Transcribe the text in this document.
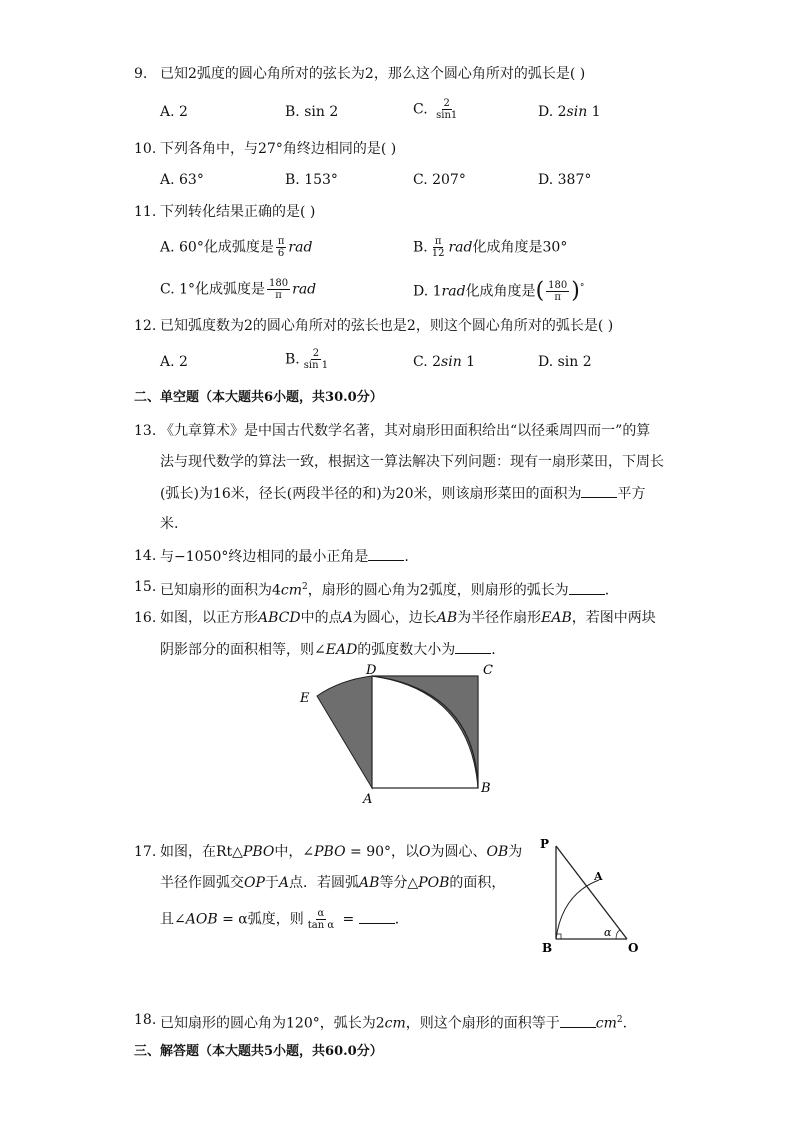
9. 已知2弧度的圆心角所对的弦长为2，那么这个圆心角所对的弧长是( )
A. 2	B. sin 2	C. $\frac{2}{\sin 1}$	D. 2sin 1
10. 下列各角中，与27°角终边相同的是( )
A. 63°	B. 153°	C. 207°	D. 387°
11. 下列转化结果正确的是( )
A. 60°化成弧度是 $\frac{\pi}{6}$ rad	B. $\frac{\pi}{12}$ rad化成角度是30°
C. 1°化成弧度是 $\frac{180}{\pi}$ rad	D. 1rad化成角度是( $\frac{180}{\pi} )^\circ$
12. 已知弧度数为2的圆心角所对的弦长也是2，则这个圆心角所对的弧长是( )
A. 2	B. $\frac{2}{\sin 1}$	C. 2sin 1	D. sin 2
二、单空题（本大题共6小题，共30.0分）
13. 《九章算术》是中国古代数学名著，其对扇形田面积给出“以径乘周四而一”的算
法与现代数学的算法一致，根据这一算法解决下列问题：现有一扇形菜田，下周长
(弧长)为16米，径长(两段半径的和)为20米，则该扇形菜田的面积为	平方
米.
14. 与−1050°终边相同的最小正角是	.
15. 已知扇形的面积为$4cm^2$，扇形的圆心角为2弧度，则扇形的弧长为	.
16. 如图，以正方形ABCD中的点A为圆心，边长AB为半径作扇形EAB，若图中两块
阴影部分的面积相等，则∠EAD的弧度数大小为	.
D	C
E
A
B
17. 如图，在Rt△PBO中，∠PBO = 90°，以O为圆心、OB为
半径作圆弧交OP于A点．若圆弧AB等分△POB的面积，
且∠AOB = α弧度，则 $\frac{\alpha}{\text{tan α}}$ =	.
P
A
B	O
α
18. 已知扇形的圆心角为120°，弧长为2cm，则这个扇形的面积等于	$cm^2$.
三、解答题（本大题共5小题，共60.0分）
